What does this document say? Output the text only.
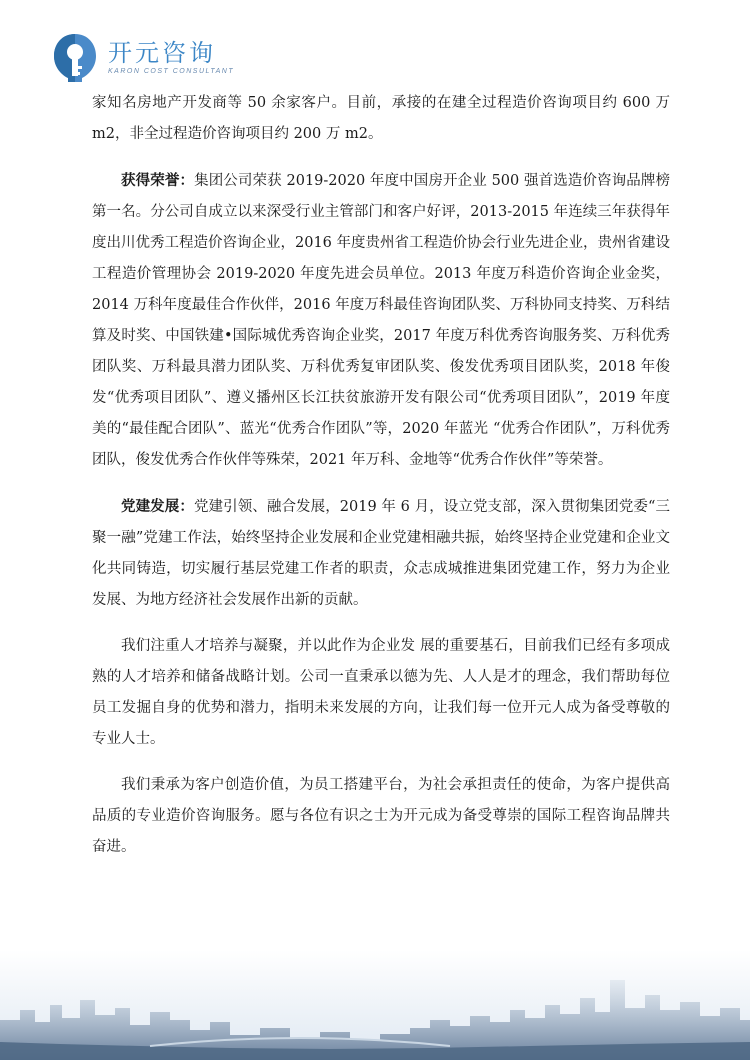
开元咨询
KARON COST CONSULTANT

家知名房地产开发商等 50 余家客户。目前，承接的在建全过程造价咨询项目约 600 万 m2，非全过程造价咨询项目约 200 万 m2。

获得荣誉：集团公司荣获 2019-2020 年度中国房开企业 500 强首选造价咨询品牌榜第一名。分公司自成立以来深受行业主管部门和客户好评，2013-2015 年连续三年获得年度出川优秀工程造价咨询企业，2016 年度贵州省工程造价协会行业先进企业，贵州省建设工程造价管理协会 2019-2020 年度先进会员单位。2013 年度万科造价咨询企业金奖，2014 万科年度最佳合作伙伴，2016 年度万科最佳咨询团队奖、万科协同支持奖、万科结算及时奖、中国铁建•国际城优秀咨询企业奖，2017 年度万科优秀咨询服务奖、万科优秀团队奖、万科最具潜力团队奖、万科优秀复审团队奖、俊发优秀项目团队奖，2018 年俊发“优秀项目团队”、遵义播州区长江扶贫旅游开发有限公司“优秀项目团队”，2019 年度美的“最佳配合团队”、蓝光“优秀合作团队”等，2020 年蓝光 “优秀合作团队”，万科优秀团队，俊发优秀合作伙伴等殊荣，2021 年万科、金地等“优秀合作伙伴”等荣誉。

党建发展：党建引领、融合发展，2019 年 6 月，设立党支部，深入贯彻集团党委“三聚一融”党建工作法，始终坚持企业发展和企业党建相融共振，始终坚持企业党建和企业文化共同铸造，切实履行基层党建工作者的职责，众志成城推进集团党建工作，努力为企业发展、为地方经济社会发展作出新的贡献。

我们注重人才培养与凝聚，并以此作为企业发 展的重要基石，目前我们已经有多项成熟的人才培养和储备战略计划。公司一直秉承以德为先、人人是才的理念，我们帮助每位员工发掘自身的优势和潜力，指明未来发展的方向，让我们每一位开元人成为备受尊敬的专业人士。

我们秉承为客户创造价值，为员工搭建平台，为社会承担责任的使命，为客户提供高品质的专业造价咨询服务。愿与各位有识之士为开元成为备受尊崇的国际工程咨询品牌共奋进。
